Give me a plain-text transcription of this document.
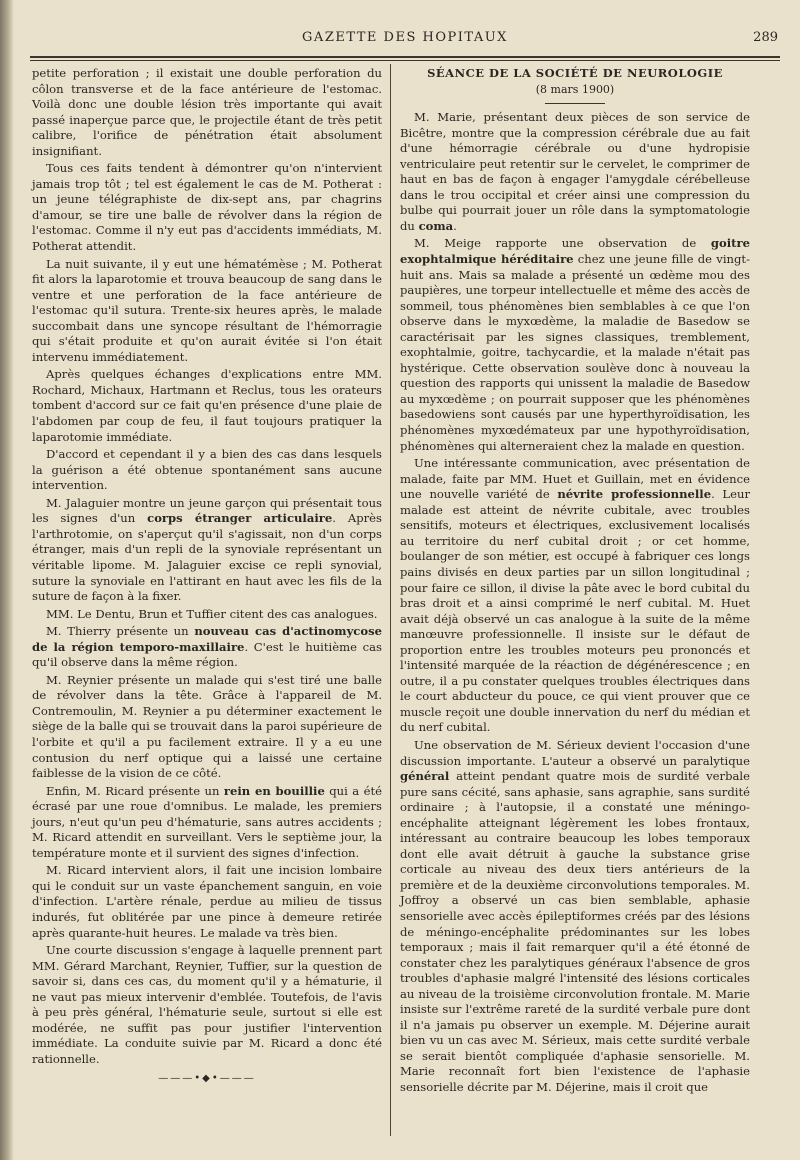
GAZETTE DES HOPITAUX	289

petite perforation ; il existait une double perforation du côlon transverse et de la face antérieure de l'estomac. Voilà donc une double lésion très importante qui avait passé inaperçue parce que, le projectile étant de très petit calibre, l'orifice de pénétration était absolument insignifiant.

Tous ces faits tendent à démontrer qu'on n'intervient jamais trop tôt ; tel est également le cas de M. Potherat : un jeune télégraphiste de dix-sept ans, par chagrins d'amour, se tire une balle de révolver dans la région de l'estomac. Comme il n'y eut pas d'accidents immédiats, M. Potherat attendit.

La nuit suivante, il y eut une hématémèse ; M. Potherat fit alors la laparotomie et trouva beaucoup de sang dans le ventre et une perforation de la face antérieure de l'estomac qu'il sutura. Trente-six heures après, le malade succombait dans une syncope résultant de l'hémorragie qui s'était produite et qu'on aurait évitée si l'on était intervenu immédiatement.

Après quelques échanges d'explications entre MM. Rochard, Michaux, Hartmann et Reclus, tous les orateurs tombent d'accord sur ce fait qu'en présence d'une plaie de l'abdomen par coup de feu, il faut toujours pratiquer la laparotomie immédiate.

D'accord et cependant il y a bien des cas dans lesquels la guérison a été obtenue spontanément sans aucune intervention.

M. Jalaguier montre un jeune garçon qui présentait tous les signes d'un corps étranger articulaire. Après l'arthrotomie, on s'aperçut qu'il s'agissait, non d'un corps étranger, mais d'un repli de la synoviale représentant un véritable lipome. M. Jalaguier excise ce repli synovial, suture la synoviale en l'attirant en haut avec les fils de la suture de façon à la fixer.

MM. Le Dentu, Brun et Tuffier citent des cas analogues.

M. Thierry présente un nouveau cas d'actinomycose de la région temporo-maxillaire. C'est le huitième cas qu'il observe dans la même région.

M. Reynier présente un malade qui s'est tiré une balle de révolver dans la tête. Grâce à l'appareil de M. Contremoulin, M. Reynier a pu déterminer exactement le siège de la balle qui se trouvait dans la paroi supérieure de l'orbite et qu'il a pu facilement extraire. Il y a eu une contusion du nerf optique qui a laissé une certaine faiblesse de la vision de ce côté.

Enfin, M. Ricard présente un rein en bouillie qui a été écrasé par une roue d'omnibus. Le malade, les premiers jours, n'eut qu'un peu d'hématurie, sans autres accidents ; M. Ricard attendit en surveillant. Vers le septième jour, la température monte et il survient des signes d'infection.

M. Ricard intervient alors, il fait une incision lombaire qui le conduit sur un vaste épanchement sanguin, en voie d'infection. L'artère rénale, perdue au milieu de tissus indurés, fut oblitérée par une pince à demeure retirée après quarante-huit heures. Le malade va très bien.

Une courte discussion s'engage à laquelle prennent part MM. Gérard Marchant, Reynier, Tuffier, sur la question de savoir si, dans ces cas, du moment qu'il y a hématurie, il ne vaut pas mieux intervenir d'emblée. Toutefois, de l'avis à peu près général, l'hématurie seule, surtout si elle est modérée, ne suffit pas pour justifier l'intervention immédiate. La conduite suivie par M. Ricard a donc été rationnelle.

———•◆•———
SÉANCE DE LA SOCIÉTÉ DE NEUROLOGIE
(8 mars 1900)

M. Marie, présentant deux pièces de son service de Bicêtre, montre que la compression cérébrale due au fait d'une hémorragie cérébrale ou d'une hydropisie ventriculaire peut retentir sur le cervelet, le comprimer de haut en bas de façon à engager l'amygdale cérébelleuse dans le trou occipital et créer ainsi une compression du bulbe qui pourrait jouer un rôle dans la symptomatologie du coma.

M. Meige rapporte une observation de goitre exophtalmique héréditaire chez une jeune fille de vingt-huit ans. Mais sa malade a présenté un œdème mou des paupières, une torpeur intellectuelle et même des accès de sommeil, tous phénomènes bien semblables à ce que l'on observe dans le myxœdème, la maladie de Basedow se caractérisait par les signes classiques, tremblement, exophtalmie, goitre, tachycardie, et la malade n'était pas hystérique. Cette observation soulève donc à nouveau la question des rapports qui unissent la maladie de Basedow au myxœdème ; on pourrait supposer que les phénomènes basedowiens sont causés par une hyperthyroïdisation, les phénomènes myxœdémateux par une hypothyroïdisation, phénomènes qui alterneraient chez la malade en question.

Une intéressante communication, avec présentation de malade, faite par MM. Huet et Guillain, met en évidence une nouvelle variété de névrite professionnelle. Leur malade est atteint de névrite cubitale, avec troubles sensitifs, moteurs et électriques, exclusivement localisés au territoire du nerf cubital droit ; or cet homme, boulanger de son métier, est occupé à fabriquer ces longs pains divisés en deux parties par un sillon longitudinal ; pour faire ce sillon, il divise la pâte avec le bord cubital du bras droit et a ainsi comprimé le nerf cubital. M. Huet avait déjà observé un cas analogue à la suite de la même manœuvre professionnelle. Il insiste sur le défaut de proportion entre les troubles moteurs peu prononcés et l'intensité marquée de la réaction de dégénérescence ; en outre, il a pu constater quelques troubles électriques dans le court abducteur du pouce, ce qui vient prouver que ce muscle reçoit une double innervation du nerf du médian et du nerf cubital.

Une observation de M. Sérieux devient l'occasion d'une discussion importante. L'auteur a observé un paralytique général atteint pendant quatre mois de surdité verbale pure sans cécité, sans aphasie, sans agraphie, sans surdité ordinaire ; à l'autopsie, il a constaté une méningo-encéphalite atteignant légèrement les lobes frontaux, intéressant au contraire beaucoup les lobes temporaux dont elle avait détruit à gauche la substance grise corticale au niveau des deux tiers antérieurs de la première et de la deuxième circonvolutions temporales. M. Joffroy a observé un cas bien semblable, aphasie sensorielle avec accès épileptiformes créés par des lésions de méningo-encéphalite prédominantes sur les lobes temporaux ; mais il fait remarquer qu'il a été étonné de constater chez les paralytiques généraux l'absence de gros troubles d'aphasie malgré l'intensité des lésions corticales au niveau de la troisième circonvolution frontale. M. Marie insiste sur l'extrême rareté de la surdité verbale pure dont il n'a jamais pu observer un exemple. M. Déjerine aurait bien vu un cas avec M. Sérieux, mais cette surdité verbale se serait bientôt compliquée d'aphasie sensorielle. M. Marie reconnaît fort bien l'existence de l'aphasie sensorielle décrite par M. Déjerine, mais il croit que
